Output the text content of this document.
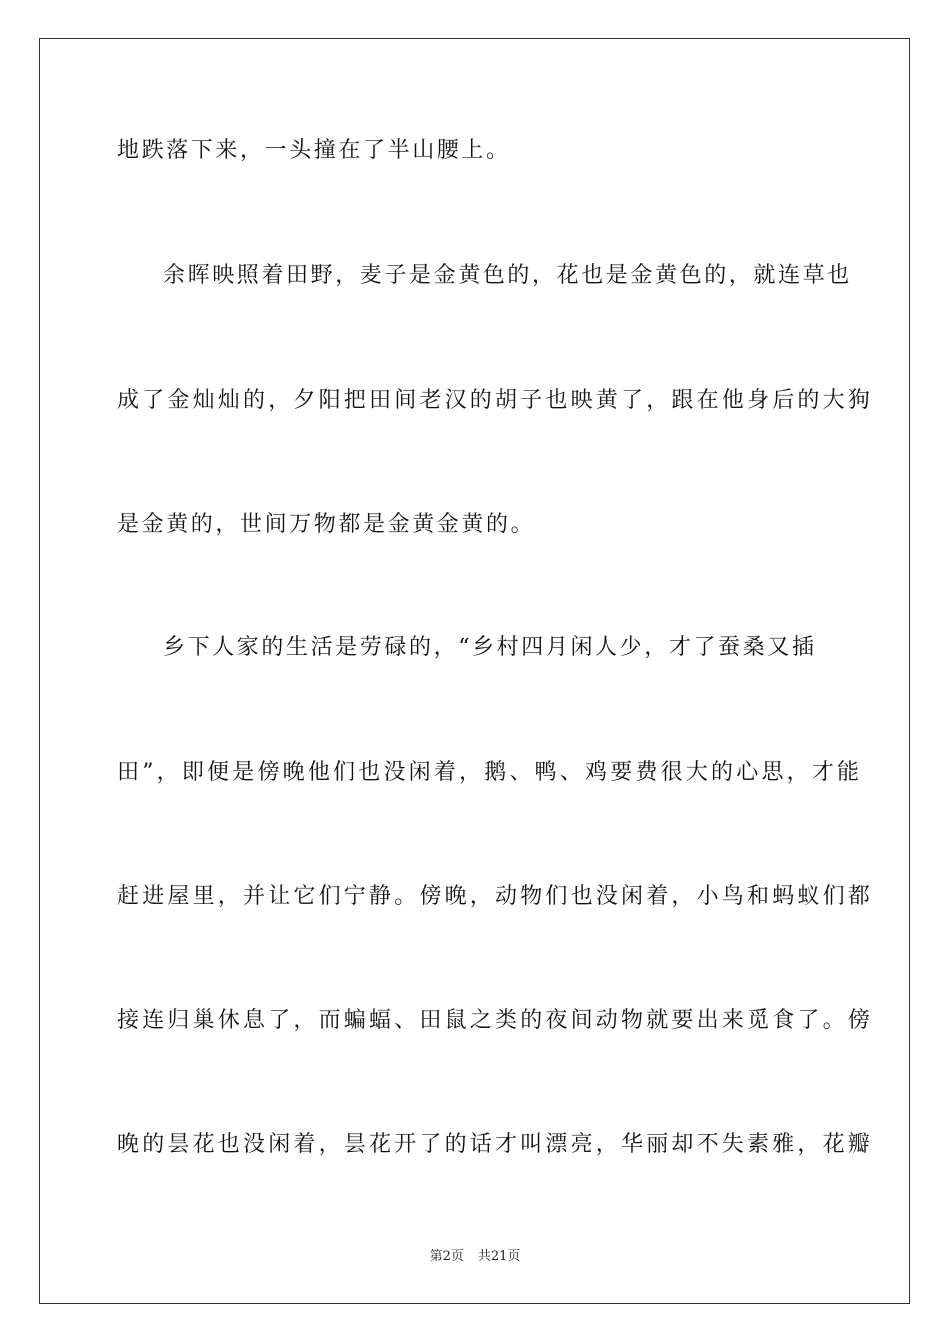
地跌落下来，一头撞在了半山腰上。
余晖映照着田野，麦子是金黄色的，花也是金黄色的，就连草也
成了金灿灿的，夕阳把田间老汉的胡子也映黄了，跟在他身后的大狗
是金黄的，世间万物都是金黄金黄的。
乡下人家的生活是劳碌的，“乡村四月闲人少，才了蚕桑又插
田”，即便是傍晚他们也没闲着，鹅、鸭、鸡要费很大的心思，才能
赶进屋里，并让它们宁静。傍晚，动物们也没闲着，小鸟和蚂蚁们都
接连归巢休息了，而蝙蝠、田鼠之类的夜间动物就要出来觅食了。傍
晚的昙花也没闲着，昙花开了的话才叫漂亮，华丽却不失素雅，花瓣
第2页 共21页
